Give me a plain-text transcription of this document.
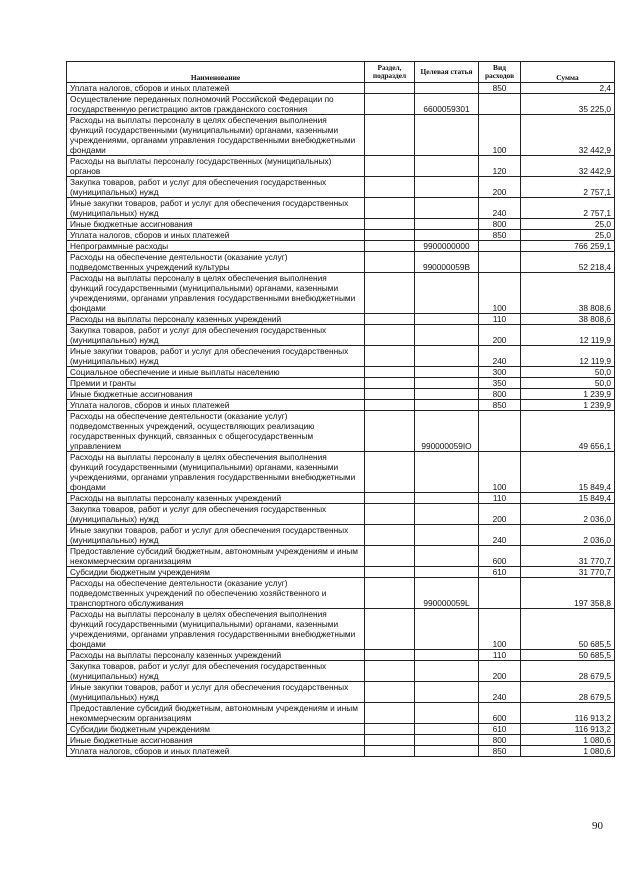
Наименование	Раздел, подраздел	Целевая статья	Вид расходов	Сумма
Уплата налогов, сборов и иных платежей			850	2,4
Осуществление переданных полномочий Российской Федерации по государственную регистрацию актов гражданского состояния		6600059301		35 225,0
Расходы на выплаты персоналу в целях обеспечения выполнения функций государственными (муниципальными) органами, казенными учреждениями, органами управления государственными внебюджетными фондами			100	32 442,9
Расходы на выплаты персоналу государственных (муниципальных) органов			120	32 442,9
Закупка товаров, работ и услуг для обеспечения государственных (муниципальных) нужд			200	2 757,1
Иные закупки товаров, работ и услуг для обеспечения государственных (муниципальных) нужд			240	2 757,1
Иные бюджетные ассигнования			800	25,0
Уплата налогов, сборов и иных платежей			850	25,0
Непрограммные расходы		9900000000		766 259,1
Расходы на обеспечение деятельности (оказание услуг) подведомственных учреждений культуры		990000059В		52 218,4
Расходы на выплаты персоналу в целях обеспечения выполнения функций государственными (муниципальными) органами, казенными учреждениями, органами управления государственными внебюджетными фондами			100	38 808,6
Расходы на выплаты персоналу казенных учреждений			110	38 808,6
Закупка товаров, работ и услуг для обеспечения государственных (муниципальных) нужд			200	12 119,9
Иные закупки товаров, работ и услуг для обеспечения государственных (муниципальных) нужд			240	12 119,9
Социальное обеспечение и иные выплаты населению			300	50,0
Премии и гранты			350	50,0
Иные бюджетные ассигнования			800	1 239,9
Уплата налогов, сборов и иных платежей			850	1 239,9
Расходы на обеспечение деятельности (оказание услуг) подведомственных учреждений, осуществляющих реализацию государственных функций, связанных с общегосударственным управлением		990000059IO		49 656,1
Расходы на выплаты персоналу в целях обеспечения выполнения функций государственными (муниципальными) органами, казенными учреждениями, органами управления государственными внебюджетными фондами			100	15 849,4
Расходы на выплаты персоналу казенных учреждений			110	15 849,4
Закупка товаров, работ и услуг для обеспечения государственных (муниципальных) нужд			200	2 036,0
Иные закупки товаров, работ и услуг для обеспечения государственных (муниципальных) нужд			240	2 036,0
Предоставление субсидий бюджетным, автономным учреждениям и иным некоммерческим организациям			600	31 770,7
Субсидии бюджетным учреждениям			610	31 770,7
Расходы на обеспечение деятельности (оказание услуг) подведомственных учреждений по обеспечению хозяйственного и транспортного обслуживания		990000059L		197 358,8
Расходы на выплаты персоналу в целях обеспечения выполнения функций государственными (муниципальными) органами, казенными учреждениями, органами управления государственными внебюджетными фондами			100	50 685,5
Расходы на выплаты персоналу казенных учреждений			110	50 685,5
Закупка товаров, работ и услуг для обеспечения государственных (муниципальных) нужд			200	28 679,5
Иные закупки товаров, работ и услуг для обеспечения государственных (муниципальных) нужд			240	28 679,5
Предоставление субсидий бюджетным, автономным учреждениям и иным некоммерческим организациям			600	116 913,2
Субсидии бюджетным учреждениям			610	116 913,2
Иные бюджетные ассигнования			800	1 080,6
Уплата налогов, сборов и иных платежей			850	1 080,6
90
